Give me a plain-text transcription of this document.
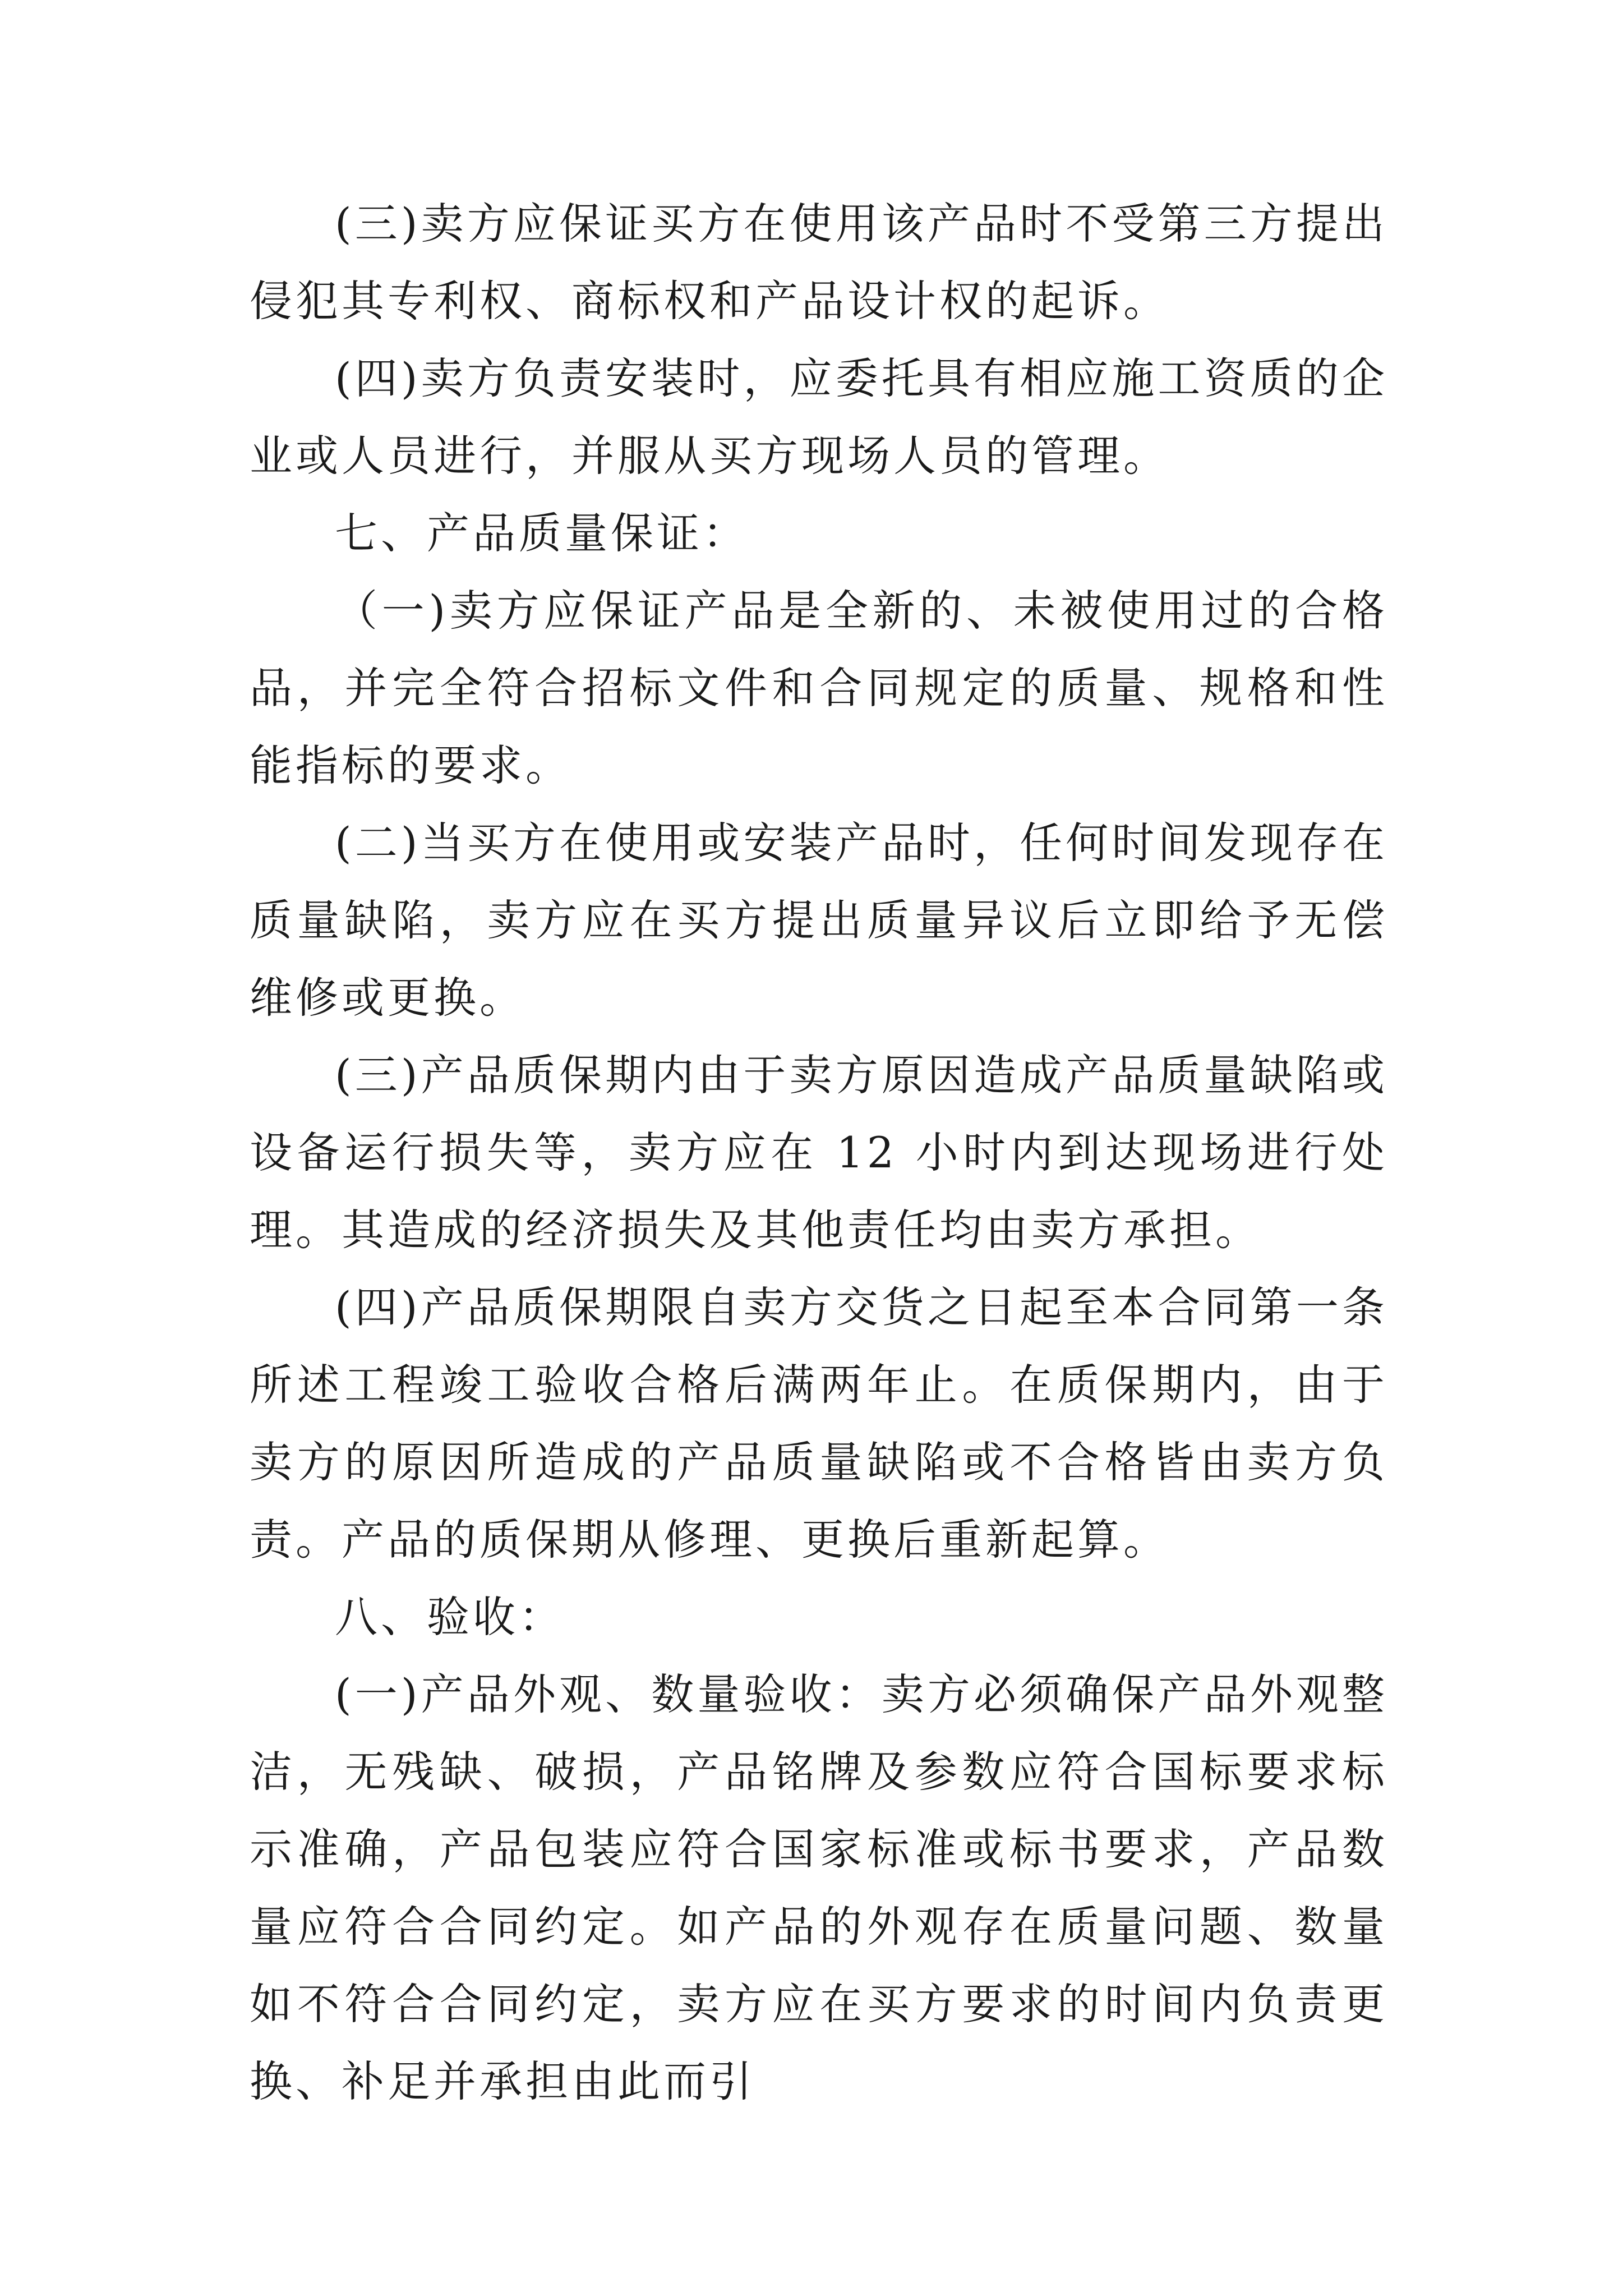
(三)卖方应保证买方在使用该产品时不受第三方提出侵犯其专利权、商标权和产品设计权的起诉。

(四)卖方负责安装时，应委托具有相应施工资质的企业或人员进行，并服从买方现场人员的管理。

七、产品质量保证：

（一)卖方应保证产品是全新的、未被使用过的合格品，并完全符合招标文件和合同规定的质量、规格和性能指标的要求。

(二)当买方在使用或安装产品时，任何时间发现存在质量缺陷，卖方应在买方提出质量异议后立即给予无偿维修或更换。

(三)产品质保期内由于卖方原因造成产品质量缺陷或设备运行损失等，卖方应在 12 小时内到达现场进行处理。其造成的经济损失及其他责任均由卖方承担。

(四)产品质保期限自卖方交货之日起至本合同第一条所述工程竣工验收合格后满两年止。在质保期内，由于卖方的原因所造成的产品质量缺陷或不合格皆由卖方负责。产品的质保期从修理、更换后重新起算。

八、验收：

(一)产品外观、数量验收：卖方必须确保产品外观整洁，无残缺、破损，产品铭牌及参数应符合国标要求标示准确，产品包装应符合国家标准或标书要求，产品数量应符合合同约定。如产品的外观存在质量问题、数量如不符合合同约定，卖方应在买方要求的时间内负责更换、补足并承担由此而引
